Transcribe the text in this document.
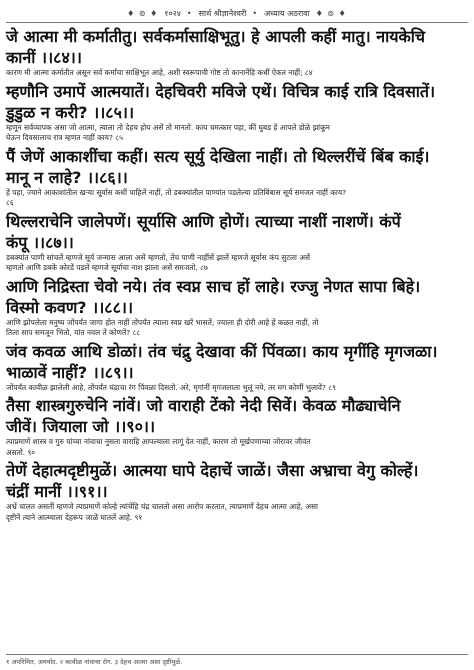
♦ ⊚ ♦ १०२४ • सार्थ श्रीज्ञानेश्वरी • अध्याय अठरावा ♦ ⊚ ♦

जे आत्मा मी कर्मातीतु। सर्वकर्मासाक्षिभूतु। हे आपली कहीं मातु। नायकेचि
कानीं ।।८४।।

कारण मी आत्मा कर्मातीत असून सर्व कर्मांचा साक्षिभूत आहे, अशी स्वरूपाची गोष्ट तो कानानेंहि कधीं ऐकत नाहीं; ८४

म्हणौनि उमापें आत्मयातें। देहचिवरी मविजे एथें। विचित्र काई रात्रि दिवसातें।
डुडुळ न करी? ।।८५।।

म्हणून सर्वव्यापक असा जो आत्मा, त्याला तो देहच होय असें तो मानतो. काय चमत्कार पहा, कीं घुबड हें आपले डोळे झांकून
घेऊन दिवसालाच रात्र म्हणत नाहीं काय? ८५

पैं जेणें आकाशींचा कहीं। सत्य सूर्यु देखिला नाहीं। तो थिल्लरींचें बिंब काई।
मानू न लाहे? ।।८६।।

हें पहा, ज्याने आकाशांतील खऱ्या सूर्यास कधीं पाहिलें नाहीं, तो डबक्यांतील पाण्यांत पडलेल्या प्रतिबिंबास सूर्य समजत नाहीं काय?
८६

थिल्लराचेनि जालेपणें। सूर्यासि आणि होणें। त्याच्या नाशीं नाशणें। कंपें
कंपू ।।८७।।

डबक्यांत पाणी सांचलें म्हणजे सूर्य जन्मास आला असें म्हणतो, तेंच पाणी नाहींसें झालें म्हणजे सूर्यास कंप सुटला असें
म्हणतो आणि डबकें कोरडें पडलें म्हणजे सूर्याचा नाश झाला असें समजतो, ८७

आणि निद्रिस्ता चेवो नये। तंव स्वप्न साच हों लाहे। रज्जु नेणत सापा बिहे।
विस्मो कवण? ।।८८।।

आणि झोपलेला मनुष्य जोंपर्यंत जागा होत नाहीं तोंपर्यंत त्याला स्वप्न खरें भासतें; ज्याला ही दोरी आहे हें कळत नाहीं, तो
तिला साप समजून भितो, यांत नवल तें कोणतें? ८८

जंव कवळ आथि डोळां। तंव चंद्रु देखावा कीं पिंवळा। काय मृगींहि मृगजळा।
भाळावें नाहीं? ।।८९।।

जोंपर्यंत कावीळ झालेली आहे, तोंपर्यंत चंद्राचा रंग पिंवळा दिसतो. अरे, मृगांनीं मृगजलाला भुलूं नये, तर मग कोणीं भुलावें? ८९

तैसा शास्त्रगुरुचेनि नांवें। जो वाराही टेंको नेदी सिवें। केवळ मौढ्याचेनि
जीवें। जियाला जो ।।९०।।

त्याप्रमाणें शास्त्र व गुरु यांच्या नांवाचा नुसता वाराहि आपल्याला लागूं देत नाहीं, कारण तो मूर्खपणाच्या जोरावर जीवंत
असतो. ९०

तेणें देहात्मदृष्टीमुळें। आत्मया घापे देहाचें जाळें। जैसा अभ्राचा वेगु कोल्हें।
चंद्रीं मानीं ।।९१।।

अभ्रें चालत असतीं म्हणजे त्याप्रमाणें कोल्हे त्यांचेंहि चंद्र चालतो असा आरोप करतात, त्याप्रमाणें देहच आत्मा आहे, असा
दृष्टीनें त्याने आत्म्याला देहरूप जाळें घातलें आहे. ९१

१ अपरिमित, अमर्याद. २ कावीळ नांवाचा रोग. ३ देहच आत्मा अशा दृष्टीमुळें.
